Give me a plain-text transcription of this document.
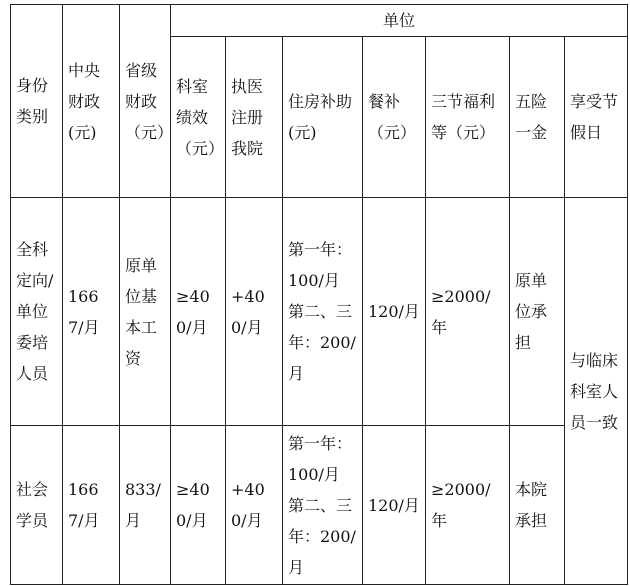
身份类别	中央财政(元)	省级财政（元）	单位						
			科室绩效（元）	执医注册我院	住房补助(元)	餐补（元）	三节福利等（元）	五险一金	享受节假日
全科定向/单位委培人员	1667/月	原单位基本工资	≥400/月	+400/月	第一年：100/月 第二、三年：200/月	120/月	≥2000/年	原单位承担	与临床科室人员一致
社会学员	1667/月	833/月	≥400/月	+400/月	第一年：100/月 第二、三年：200/月	120/月	≥2000/年	本院承担	
